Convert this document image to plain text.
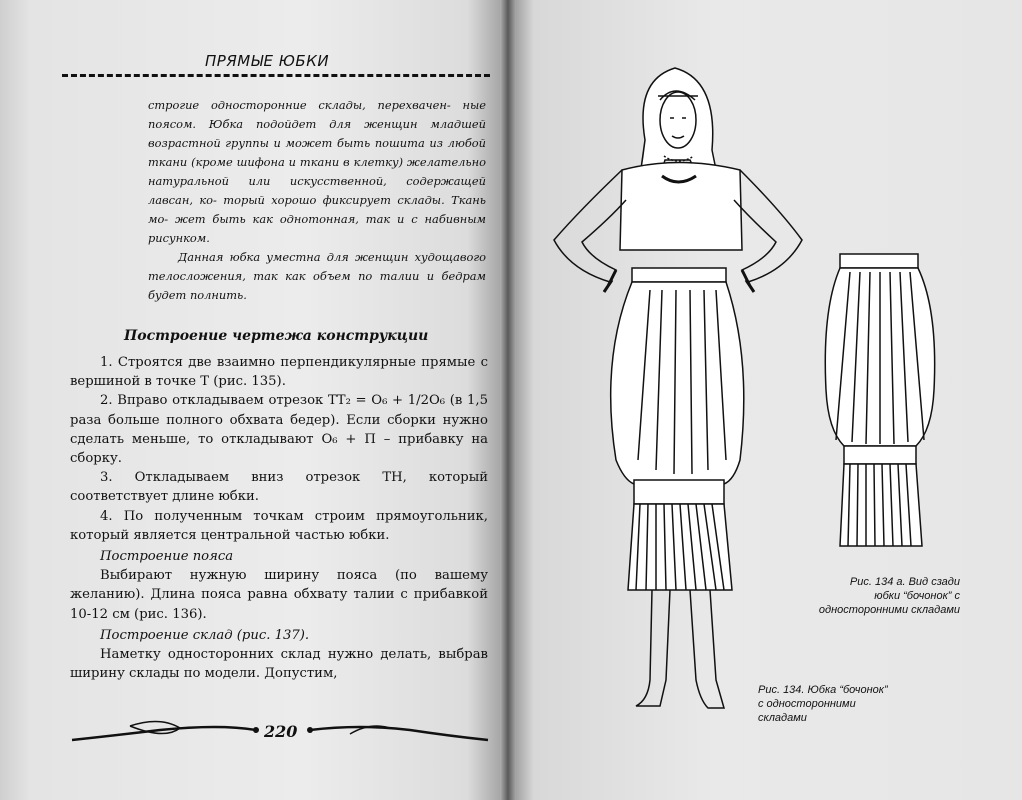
ПРЯМЫЕ ЮБКИ

строгие односторонние склады, перехвачен- ные поясом. Юбка подойдет для женщин младшей возрастной группы и может быть пошита из любой ткани (кроме шифона и ткани в клетку) желательно натуральной или искусственной, содержащей лавсан, ко- торый хорошо фиксирует склады. Ткань мо- жет быть как однотонная, так и с набивным рисунком.

Данная юбка уместна для женщин худощавого телосложения, так как объем по талии и бедрам будет полнить.

Построение чертежа конструкции

1. Строятся две взаимно перпендикулярные прямые с вершиной в точке Т (рис. 135).

2. Вправо откладываем отрезок ТТ₂ = О₆ + 1/2О₆ (в 1,5 раза больше полного обхвата бедер). Если сборки нужно сделать меньше, то откладывают О₆ + П – прибавку на сборку.

3. Откладываем вниз отрезок ТН, который соответствует длине юбки.

4. По полученным точкам строим прямоугольник, который является центральной частью юбки.

Построение пояса

Выбирают нужную ширину пояса (по вашему желанию). Длина пояса равна обхвату талии с прибавкой 10-12 см (рис. 136).

Построение склад (рис. 137).

Наметку односторонних склад нужно делать, выбрав ширину склады по модели. Допустим,

220
Рис. 134 а. Вид сзади
юбки “бочонок” с
односторонними складами
Рис. 134. Юбка “бочонок”
с односторонними
складами
